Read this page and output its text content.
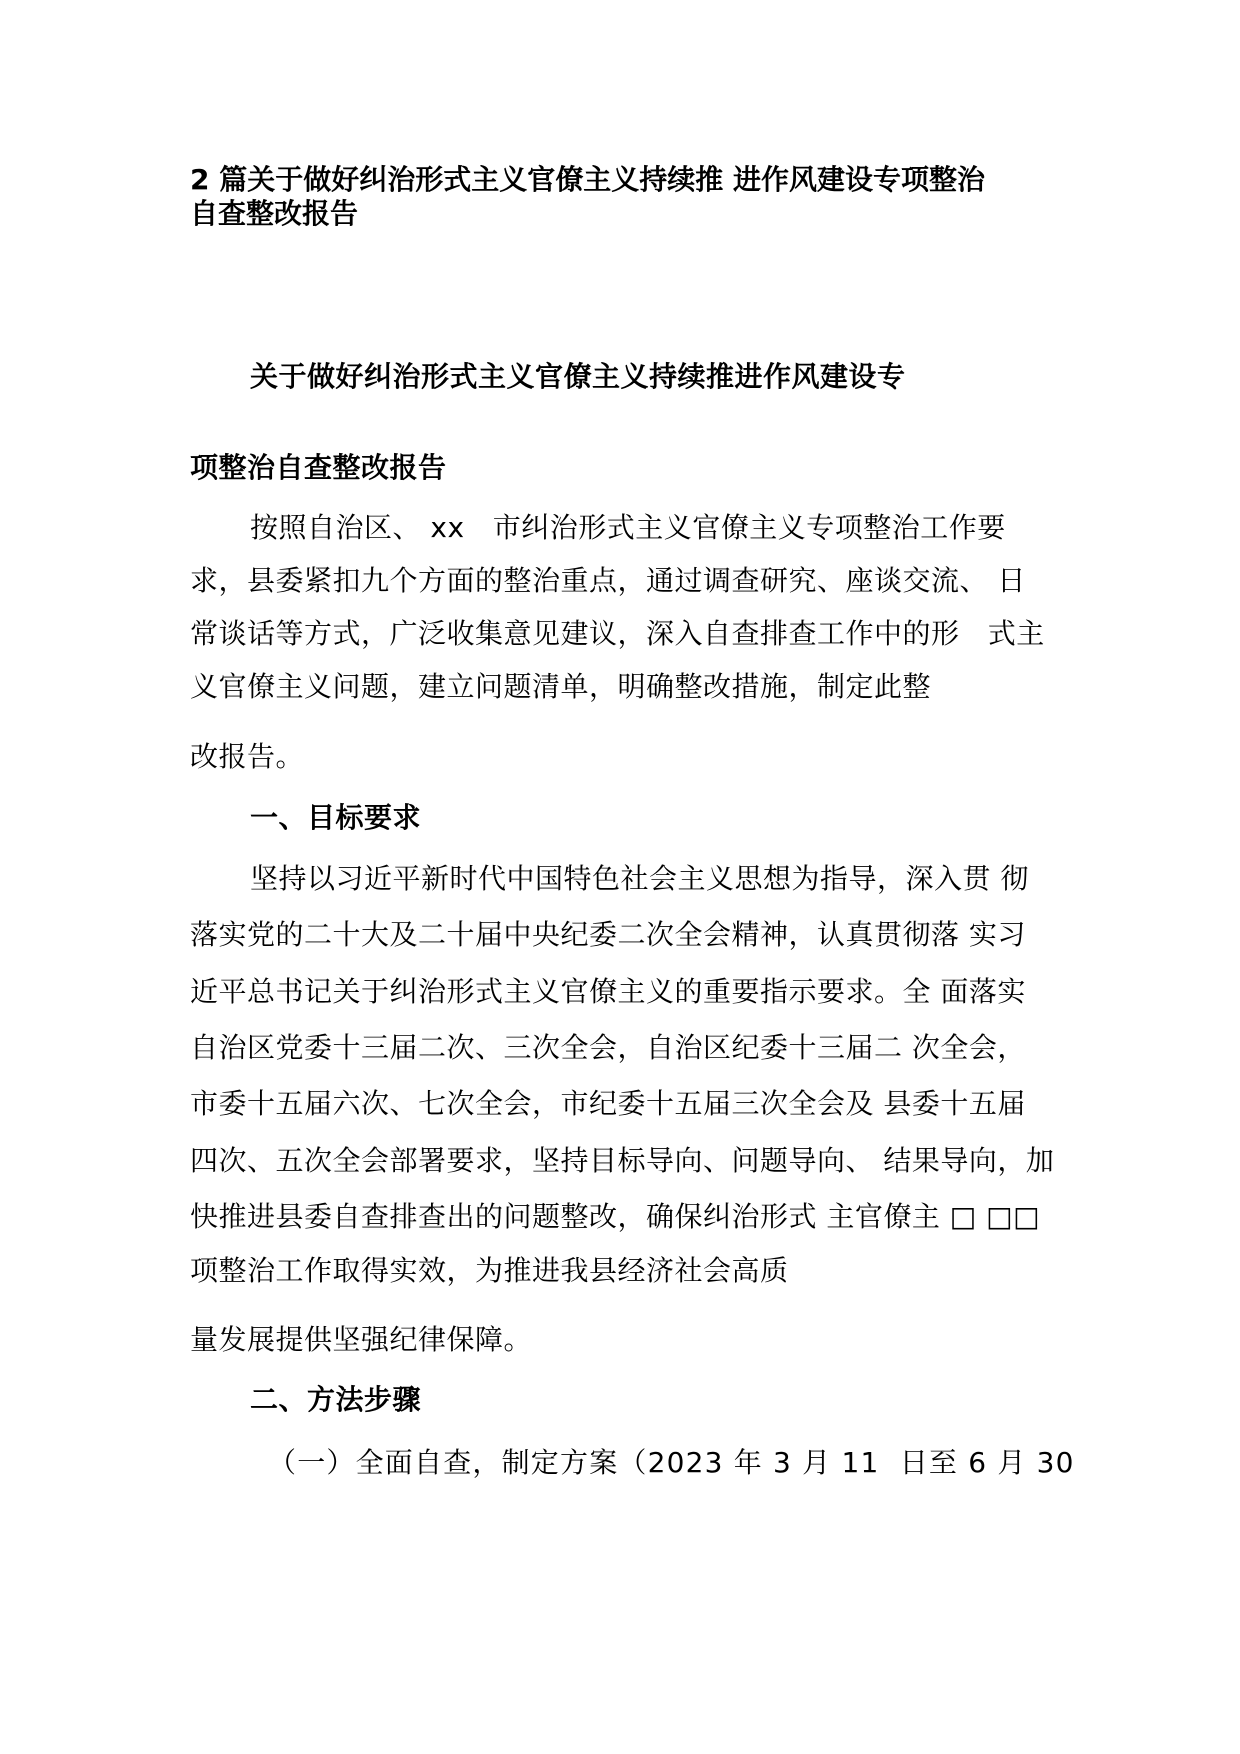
2 篇关于做好纠治形式主义官僚主义持续推 进作风建设专项整治
自查整改报告
关于做好纠治形式主义官僚主义持续推进作风建设专
项整治自查整改报告
按照自治区、 xx   市纠治形式主义官僚主义专项整治工作要
求，县委紧扣九个方面的整治重点，通过调查研究、座谈交流、 日
常谈话等方式，广泛收集意见建议，深入自查排查工作中的形   式主
义官僚主义问题，建立问题清单，明确整改措施，制定此整
改报告。
一、目标要求
坚持以习近平新时代中国特色社会主义思想为指导，深入贯 彻
落实党的二十大及二十届中央纪委二次全会精神，认真贯彻落 实习
近平总书记关于纠治形式主义官僚主义的重要指示要求。全 面落实
自治区党委十三届二次、三次全会，自治区纪委十三届二 次全会，
市委十五届六次、七次全会，市纪委十五届三次全会及 县委十五届
四次、五次全会部署要求，坚持目标导向、问题导向、 结果导向，加
快推进县委自查排查出的问题整改，确保纠治形式 主官僚主 □ □□
项整治工作取得实效，为推进我县经济社会高质
量发展提供坚强纪律保障。
二、方法步骤
（一）全面自查，制定方案（2023 年 3 月 11  日至 6 月 30
